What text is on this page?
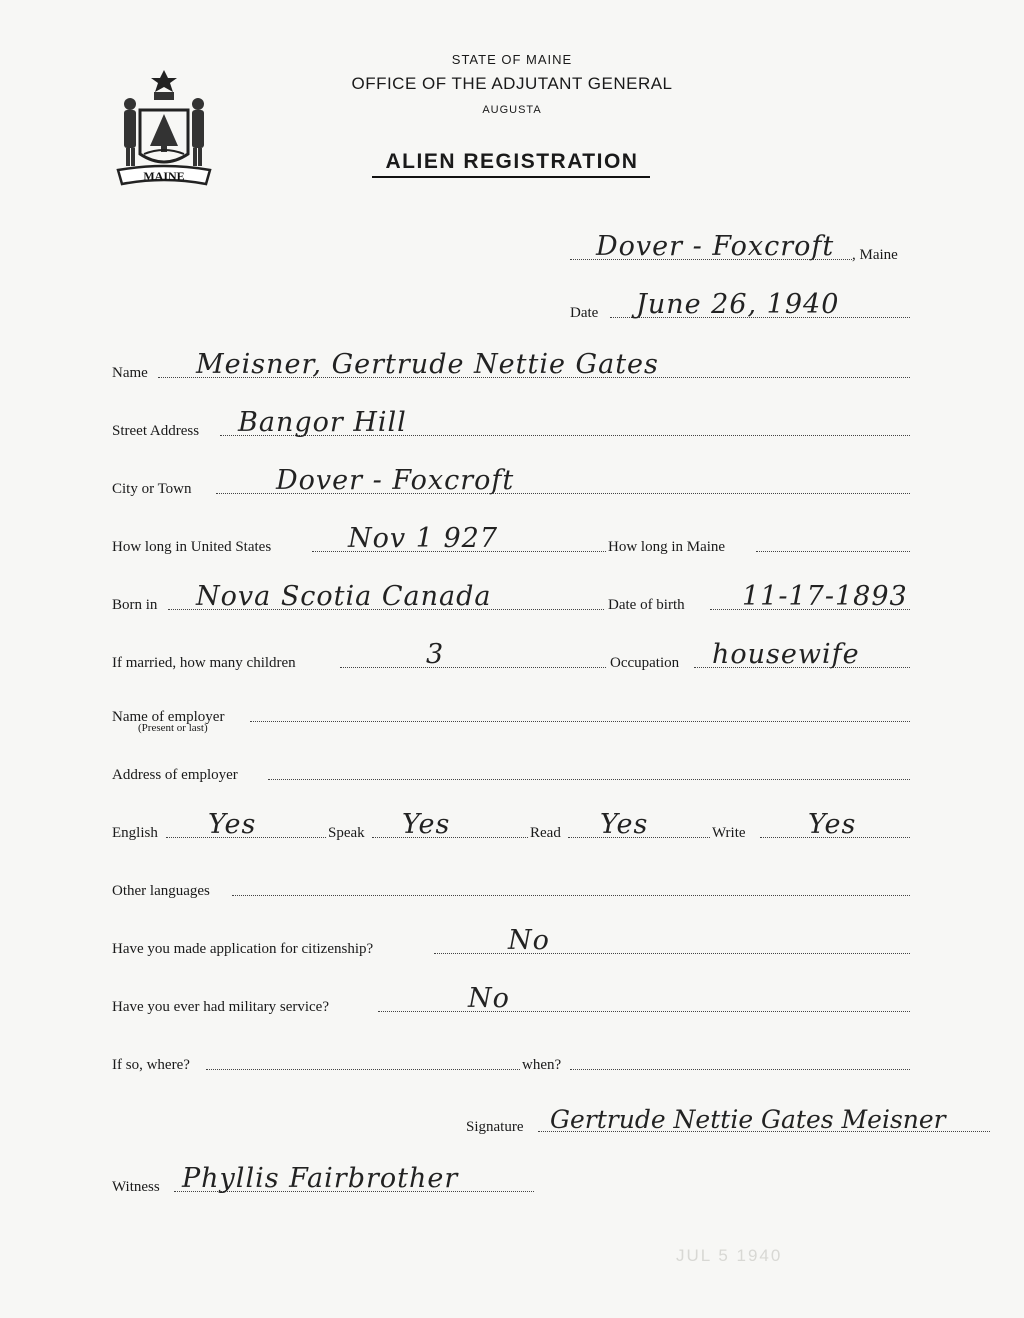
MAINE
STATE OF MAINE
OFFICE OF THE ADJUTANT GENERAL
AUGUSTA
ALIEN REGISTRATION
Dover - Foxcroft , Maine
Date June 26, 1940
Name Meisner, Gertrude Nettie Gates
Street Address Bangor Hill
City or Town	Dover - Foxcroft
How long in United States	Nov 1 927	How long in Maine
Born in Nova Scotia Canada	Date of birth 11-17-1893
If married, how many children	3	Occupation housewife
Name of employer
(Present or last)
Address of employer
English Yes	Speak Yes	Read Yes	Write Yes
Other languages
Have you made application for citizenship?	No
Have you ever had military service?	No
If so, where?	when?
Signature Gertrude Nettie Gates Meisner
Witness Phyllis Fairbrother
JUL 5 1940
